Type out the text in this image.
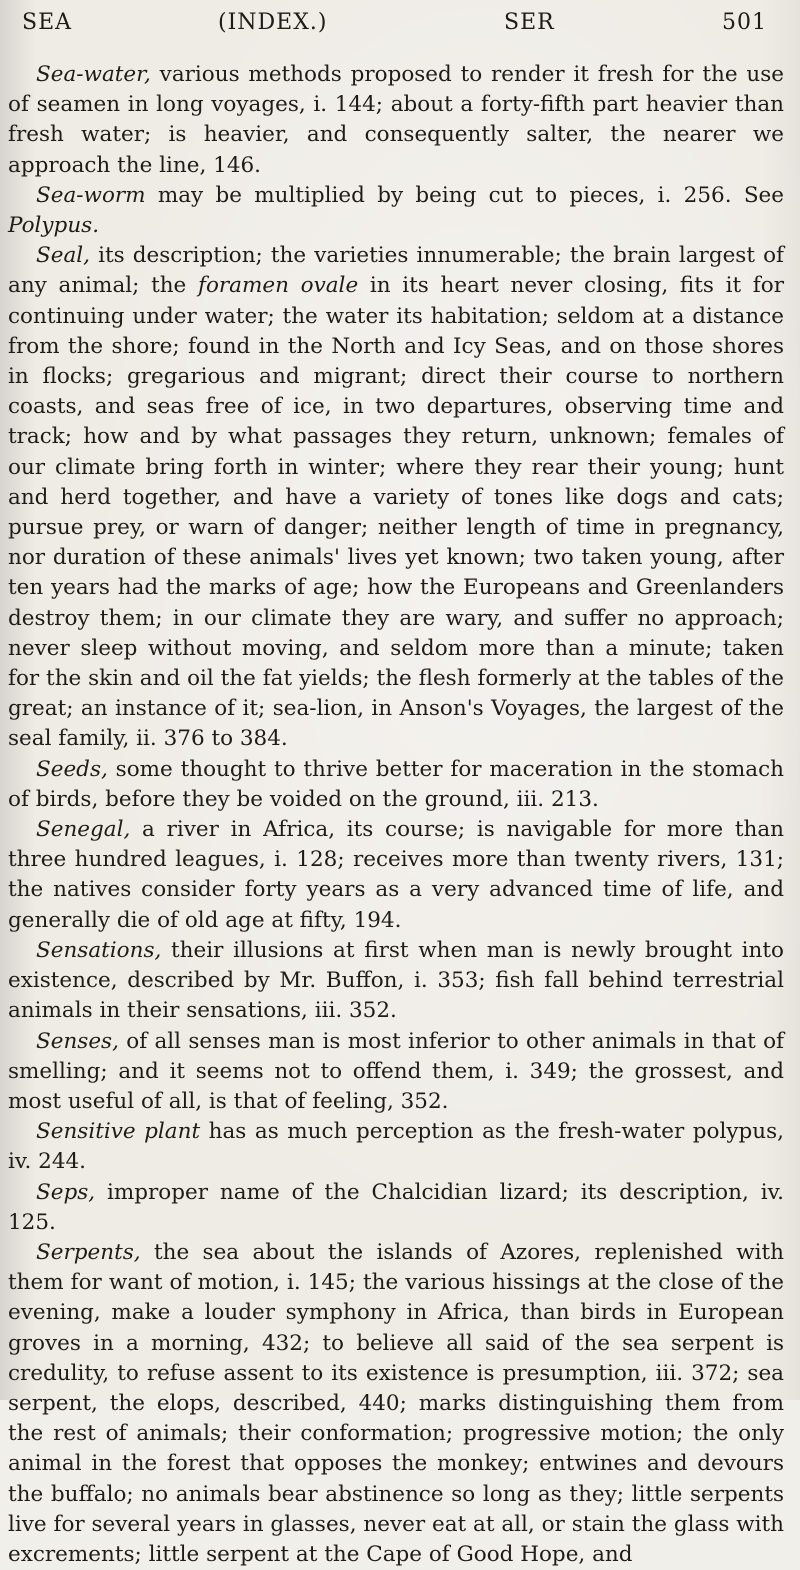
SEA	(INDEX.)	SER	501

Sea-water, various methods proposed to render it fresh for the use of seamen in long voyages, i. 144; about a forty-fifth part heavier than fresh water; is heavier, and consequently salter, the nearer we approach the line, 146.

Sea-worm may be multiplied by being cut to pieces, i. 256. See Polypus.

Seal, its description; the varieties innumerable; the brain largest of any animal; the foramen ovale in its heart never closing, fits it for continuing under water; the water its habitation; seldom at a distance from the shore; found in the North and Icy Seas, and on those shores in flocks; gregarious and migrant; direct their course to northern coasts, and seas free of ice, in two departures, observing time and track; how and by what passages they return, unknown; females of our climate bring forth in winter; where they rear their young; hunt and herd together, and have a variety of tones like dogs and cats; pursue prey, or warn of danger; neither length of time in pregnancy, nor duration of these animals' lives yet known; two taken young, after ten years had the marks of age; how the Europeans and Greenlanders destroy them; in our climate they are wary, and suffer no approach; never sleep without moving, and seldom more than a minute; taken for the skin and oil the fat yields; the flesh formerly at the tables of the great; an instance of it; sea-lion, in Anson's Voyages, the largest of the seal family, ii. 376 to 384.

Seeds, some thought to thrive better for maceration in the stomach of birds, before they be voided on the ground, iii. 213.

Senegal, a river in Africa, its course; is navigable for more than three hundred leagues, i. 128; receives more than twenty rivers, 131; the natives consider forty years as a very advanced time of life, and generally die of old age at fifty, 194.

Sensations, their illusions at first when man is newly brought into existence, described by Mr. Buffon, i. 353; fish fall behind terrestrial animals in their sensations, iii. 352.

Senses, of all senses man is most inferior to other animals in that of smelling; and it seems not to offend them, i. 349; the grossest, and most useful of all, is that of feeling, 352.

Sensitive plant has as much perception as the fresh-water polypus, iv. 244.

Seps, improper name of the Chalcidian lizard; its description, iv. 125.

Serpents, the sea about the islands of Azores, replenished with them for want of motion, i. 145; the various hissings at the close of the evening, make a louder symphony in Africa, than birds in European groves in a morning, 432; to believe all said of the sea serpent is credulity, to refuse assent to its existence is presumption, iii. 372; sea serpent, the elops, described, 440; marks distinguishing them from the rest of animals; their conformation; progressive motion; the only animal in the forest that opposes the monkey; entwines and devours the buffalo; no animals bear abstinence so long as they; little serpents live for several years in glasses, never eat at all, or stain the glass with excrements; little serpent at the Cape of Good Hope, and
